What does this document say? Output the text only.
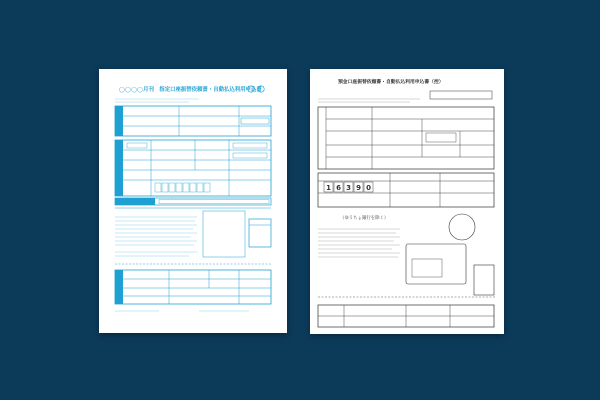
◯◯◯◯月刊　指定口座振替依頼書・自動払込利用申込書
預金口座振替依頼書・自動払込利用申込書（控）
1 6 3 9 0
（ゆうちょ銀行を除く）
